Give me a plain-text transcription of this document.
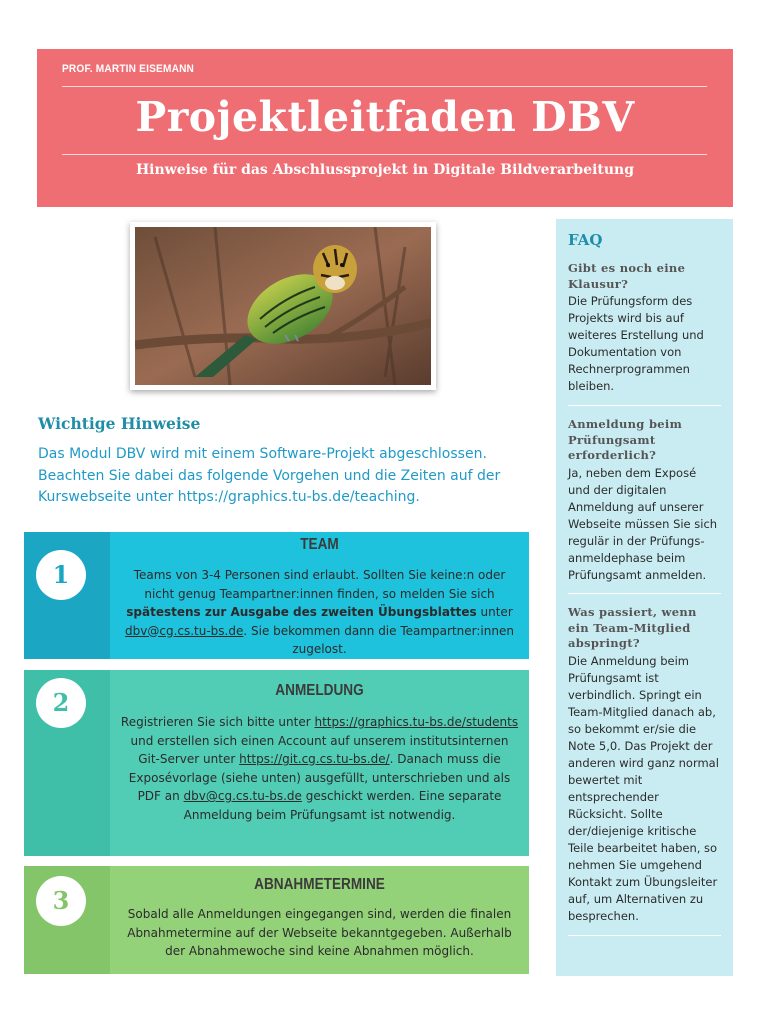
PROF. MARTIN EISEMANN
Projektleitfaden DBV
Hinweise für das Abschlussprojekt in Digitale Bildverarbeitung
Wichtige Hinweise
Das Modul DBV wird mit einem Software-Projekt abgeschlossen. Beachten Sie dabei das folgende Vorgehen und die Zeiten auf der Kurswebseite unter https://graphics.tu-bs.de/teaching.
1
TEAM
Teams von 3-4 Personen sind erlaubt. Sollten Sie keine:n oder nicht genug Teampartner:innen finden, so melden Sie sich spätestens zur Ausgabe des zweiten Übungsblattes unter dbv@cg.cs.tu-bs.de. Sie bekommen dann die Teampartner:innen zugelost.
2	ANMELDUNG
Registrieren Sie sich bitte unter https://graphics.tu-bs.de/students und erstellen sich einen Account auf unserem institutsinternen Git-Server unter https://git.cg.cs.tu-bs.de/. Danach muss die Exposévorlage (siehe unten) ausgefüllt, unterschrieben und als PDF an dbv@cg.cs.tu-bs.de geschickt werden. Eine separate Anmeldung beim Prüfungsamt ist notwendig.
3
ABNAHMETERMINE
Sobald alle Anmeldungen eingegangen sind, werden die finalen Abnahmetermine auf der Webseite bekanntgegeben. Außerhalb der Abnahmewoche sind keine Abnahmen möglich.
FAQ
Gibt es noch eine Klausur?
Die Prüfungsform des Projekts wird bis auf weiteres Erstellung und Dokumentation von Rechnerprogrammen bleiben.
Anmeldung beim Prüfungsamt erforderlich?
Ja, neben dem Exposé und der digitalen Anmeldung auf unserer Webseite müssen Sie sich regulär in der Prüfungs-anmeldephase beim Prüfungsamt anmelden.
Was passiert, wenn ein Team-Mitglied abspringt?
Die Anmeldung beim Prüfungsamt ist verbindlich. Springt ein Team-Mitglied danach ab, so bekommt er/sie die Note 5,0. Das Projekt der anderen wird ganz normal bewertet mit entsprechender Rücksicht. Sollte der/diejenige kritische Teile bearbeitet haben, so nehmen Sie umgehend Kontakt zum Übungsleiter auf, um Alternativen zu besprechen.
